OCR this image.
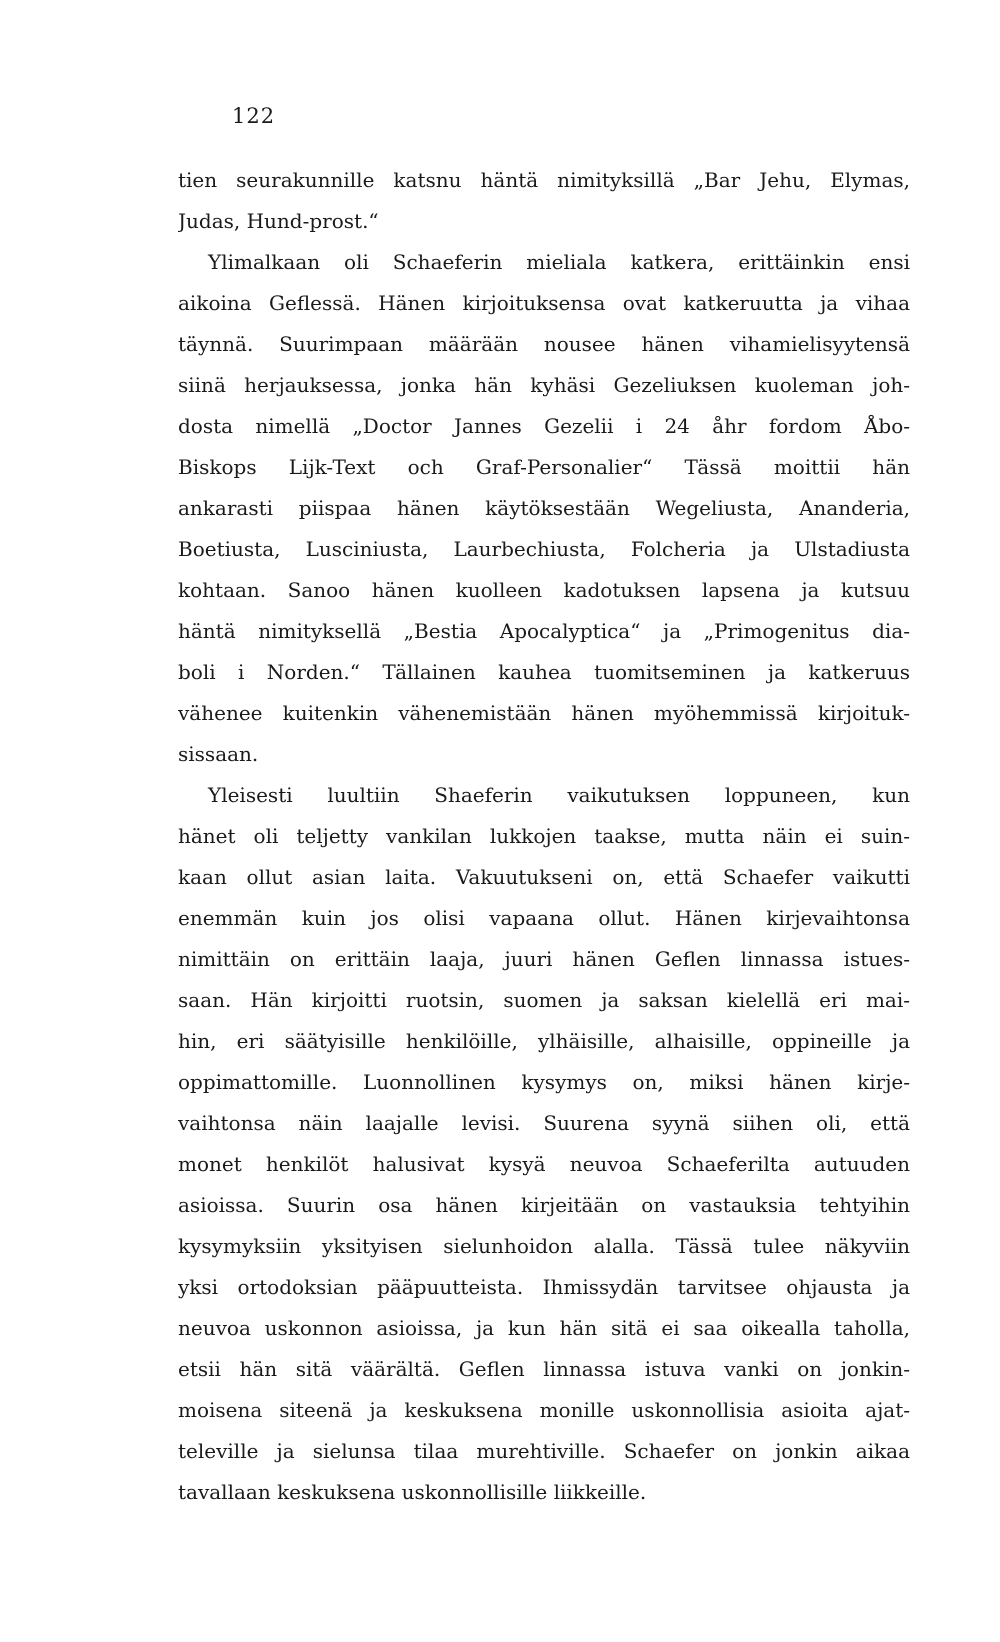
122
tien seurakunnille katsnu häntä nimityksillä „Bar Jehu, Elymas,
Judas, Hund-prost.“
Ylimalkaan oli Schaeferin mieliala katkera, erittäinkin ensi
aikoina Geflessä. Hänen kirjoituksensa ovat katkeruutta ja vihaa
täynnä. Suurimpaan määrään nousee hänen vihamielisyytensä
siinä herjauksessa, jonka hän kyhäsi Gezeliuksen kuoleman joh-
dosta nimellä „Doctor Jannes Gezelii i 24 åhr fordom Åbo-
Biskops Lijk-Text och Graf-Personalier“ Tässä moittii hän
ankarasti piispaa hänen käytöksestään Wegeliusta, Ananderia,
Boetiusta, Lusciniusta, Laurbechiusta, Folcheria ja Ulstadiusta
kohtaan. Sanoo hänen kuolleen kadotuksen lapsena ja kutsuu
häntä nimityksellä „Bestia Apocalyptica“ ja „Primogenitus dia-
boli i Norden.“ Tällainen kauhea tuomitseminen ja katkeruus
vähenee kuitenkin vähenemistään hänen myöhemmissä kirjoituk-
sissaan.
Yleisesti luultiin Shaeferin vaikutuksen loppuneen, kun
hänet oli teljetty vankilan lukkojen taakse, mutta näin ei suin-
kaan ollut asian laita. Vakuutukseni on, että Schaefer vaikutti
enemmän kuin jos olisi vapaana ollut. Hänen kirjevaihtonsa
nimittäin on erittäin laaja, juuri hänen Geflen linnassa istues-
saan. Hän kirjoitti ruotsin, suomen ja saksan kielellä eri mai-
hin, eri säätyisille henkilöille, ylhäisille, alhaisille, oppineille ja
oppimattomille. Luonnollinen kysymys on, miksi hänen kirje-
vaihtonsa näin laajalle levisi. Suurena syynä siihen oli, että
monet henkilöt halusivat kysyä neuvoa Schaeferilta autuuden
asioissa. Suurin osa hänen kirjeitään on vastauksia tehtyihin
kysymyksiin yksityisen sielunhoidon alalla. Tässä tulee näkyviin
yksi ortodoksian pääpuutteista. Ihmissydän tarvitsee ohjausta ja
neuvoa uskonnon asioissa, ja kun hän sitä ei saa oikealla taholla,
etsii hän sitä väärältä. Geflen linnassa istuva vanki on jonkin-
moisena siteenä ja keskuksena monille uskonnollisia asioita ajat-
televille ja sielunsa tilaa murehtiville. Schaefer on jonkin aikaa
tavallaan keskuksena uskonnollisille liikkeille.
